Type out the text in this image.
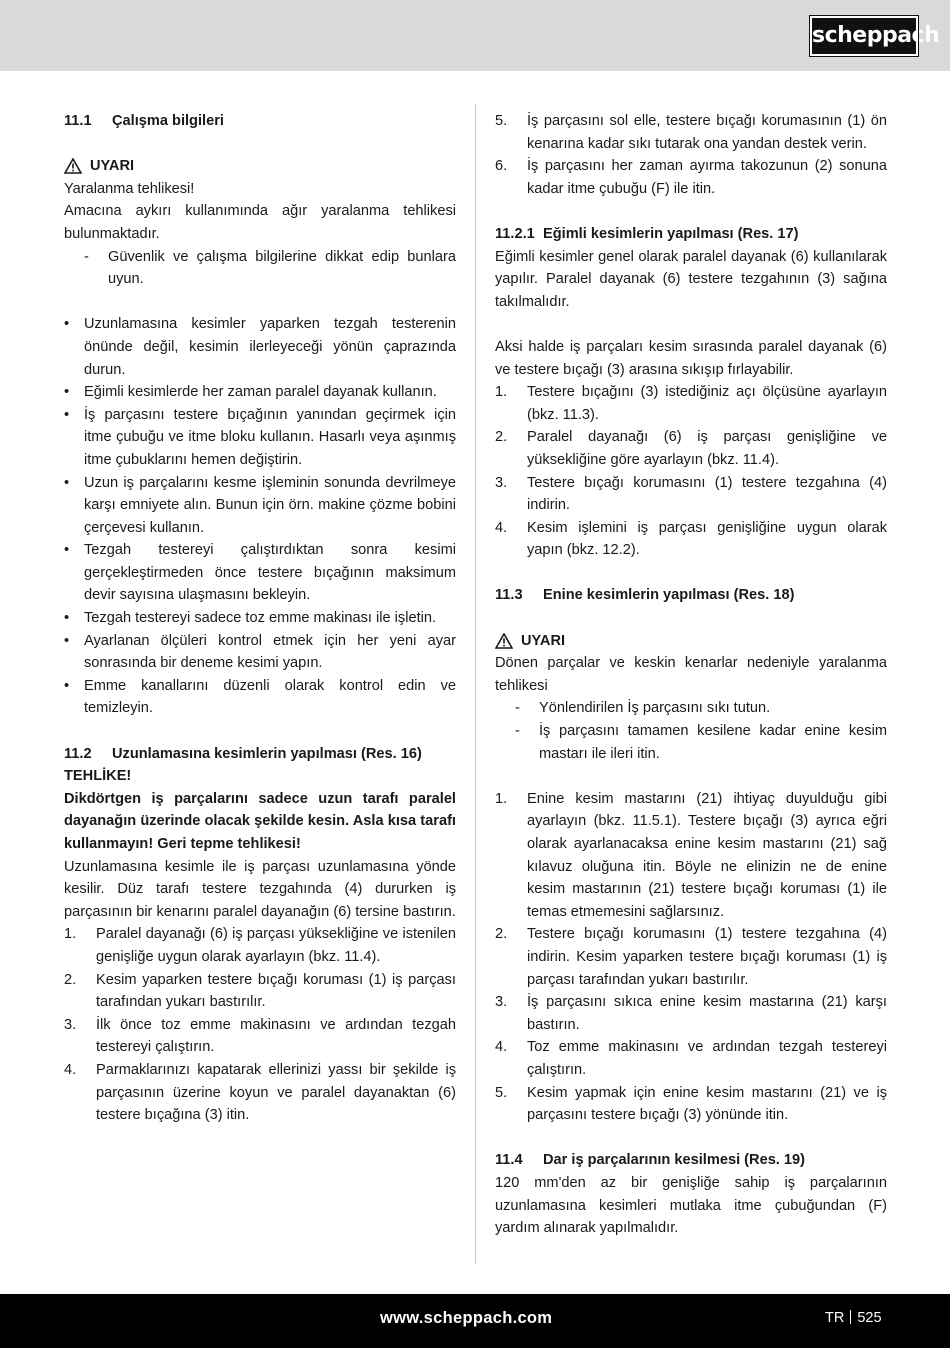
scheppach
11.1 Çalışma bilgileri
UYARI

Yaralanma tehlikesi!

Amacına aykırı kullanımında ağır yaralanma tehlikesi bulunmaktadır.

- Güvenlik ve çalışma bilgilerine dikkat edip bunlara uyun.
• Uzunlamasına kesimler yaparken tezgah testerenin önünde değil, kesimin ilerleyeceği yönün çaprazında durun.
• Eğimli kesimlerde her zaman paralel dayanak kullanın.
• İş parçasını testere bıçağının yanından geçirmek için itme çubuğu ve itme bloku kullanın. Hasarlı veya aşınmış itme çubuklarını hemen değiştirin.
• Uzun iş parçalarını kesme işleminin sonunda devrilmeye karşı emniyete alın. Bunun için örn. makine çözme bobini çerçevesi kullanın.
• Tezgah testereyi çalıştırdıktan sonra kesimi gerçekleştirmeden önce testere bıçağının maksimum devir sayısına ulaşmasını bekleyin.
• Tezgah testereyi sadece toz emme makinası ile işletin.
• Ayarlanan ölçüleri kontrol etmek için her yeni ayar sonrasında bir deneme kesimi yapın.
• Emme kanallarını düzenli olarak kontrol edin ve temizleyin.
11.2 Uzunlamasına kesimlerin yapılması (Res. 16)

TEHLİKE!

Dikdörtgen iş parçalarını sadece uzun tarafı paralel dayanağın üzerinde olacak şekilde kesin. Asla kısa tarafı kullanmayın! Geri tepme tehlikesi!

Uzunlamasına kesimle ile iş parçası uzunlamasına yönde kesilir. Düz tarafı testere tezgahında (4) dururken iş parçasının bir kenarını paralel dayanağın (6) tersine bastırın.

1. Paralel dayanağı (6) iş parçası yüksekliğine ve istenilen genişliğe uygun olarak ayarlayın (bkz. 11.4).
2. Kesim yaparken testere bıçağı koruması (1) iş parçası tarafından yukarı bastırılır.
3. İlk önce toz emme makinasını ve ardından tezgah testereyi çalıştırın.
4. Parmaklarınızı kapatarak ellerinizi yassı bir şekilde iş parçasının üzerine koyun ve paralel dayanaktan (6) testere bıçağına (3) itin.
5. İş parçasını sol elle, testere bıçağı korumasının (1) ön kenarına kadar sıkı tutarak ona yandan destek verin.
6. İş parçasını her zaman ayırma takozunun (2) sonuna kadar itme çubuğu (F) ile itin.
11.2.1 Eğimli kesimlerin yapılması (Res. 17)

Eğimli kesimler genel olarak paralel dayanak (6) kullanılarak yapılır. Paralel dayanak (6) testere tezgahının (3) sağına takılmalıdır.

Aksi halde iş parçaları kesim sırasında paralel dayanak (6) ve testere bıçağı (3) arasına sıkışıp fırlayabilir.

1. Testere bıçağını (3) istediğiniz açı ölçüsüne ayarlayın (bkz. 11.3).
2. Paralel dayanağı (6) iş parçası genişliğine ve yüksekliğine göre ayarlayın (bkz. 11.4).
3. Testere bıçağı korumasını (1) testere tezgahına (4) indirin.
4. Kesim işlemini iş parçası genişliğine uygun olarak yapın (bkz. 12.2).
11.3 Enine kesimlerin yapılması (Res. 18)
UYARI

Dönen parçalar ve keskin kenarlar nedeniyle yaralanma tehlikesi

- Yönlendirilen İş parçasını sıkı tutun.
- İş parçasını tamamen kesilene kadar enine kesim mastarı ile ileri itin.
1. Enine kesim mastarını (21) ihtiyaç duyulduğu gibi ayarlayın (bkz. 11.5.1). Testere bıçağı (3) ayrıca eğri olarak ayarlanacaksa enine kesim mastarını (21) sağ kılavuz oluğuna itin. Böyle ne elinizin ne de enine kesim mastarının (21) testere bıçağı koruması (1) ile temas etmemesini sağlarsınız.
2. Testere bıçağı korumasını (1) testere tezgahına (4) indirin. Kesim yaparken testere bıçağı koruması (1) iş parçası tarafından yukarı bastırılır.
3. İş parçasını sıkıca enine kesim mastarına (21) karşı bastırın.
4. Toz emme makinasını ve ardından tezgah testereyi çalıştırın.
5. Kesim yapmak için enine kesim mastarını (21) ve iş parçasını testere bıçağı (3) yönünde itin.
11.4 Dar iş parçalarının kesilmesi (Res. 19)

120 mm'den az bir genişliğe sahip iş parçalarının uzunlamasına kesimleri mutlaka itme çubuğundan (F) yardım alınarak yapılmalıdır.

www.scheppach.com	TR 525
